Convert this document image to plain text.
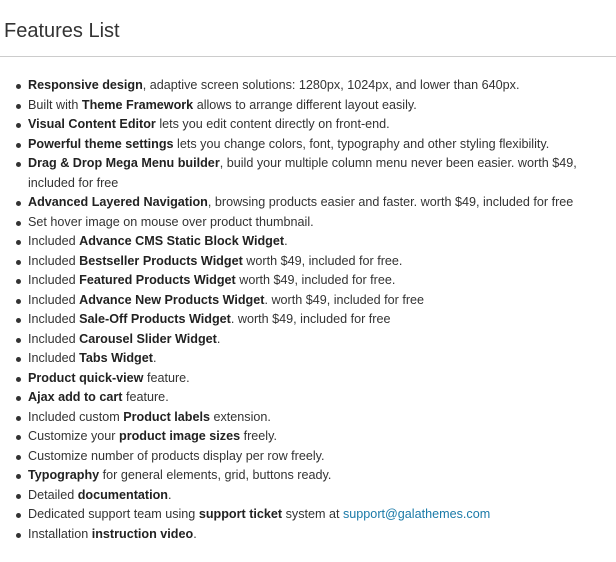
Features List
Responsive design, adaptive screen solutions: 1280px, 1024px, and lower than 640px.
Built with Theme Framework allows to arrange different layout easily.
Visual Content Editor lets you edit content directly on front-end.
Powerful theme settings lets you change colors, font, typography and other styling flexibility.
Drag & Drop Mega Menu builder, build your multiple column menu never been easier. worth $49, included for free
Advanced Layered Navigation, browsing products easier and faster. worth $49, included for free
Set hover image on mouse over product thumbnail.
Included Advance CMS Static Block Widget.
Included Bestseller Products Widget worth $49, included for free.
Included Featured Products Widget worth $49, included for free.
Included Advance New Products Widget. worth $49, included for free
Included Sale-Off Products Widget. worth $49, included for free
Included Carousel Slider Widget.
Included Tabs Widget.
Product quick-view feature.
Ajax add to cart feature.
Included custom Product labels extension.
Customize your product image sizes freely.
Customize number of products display per row freely.
Typography for general elements, grid, buttons ready.
Detailed documentation.
Dedicated support team using support ticket system at support@galathemes.com
Installation instruction video.
